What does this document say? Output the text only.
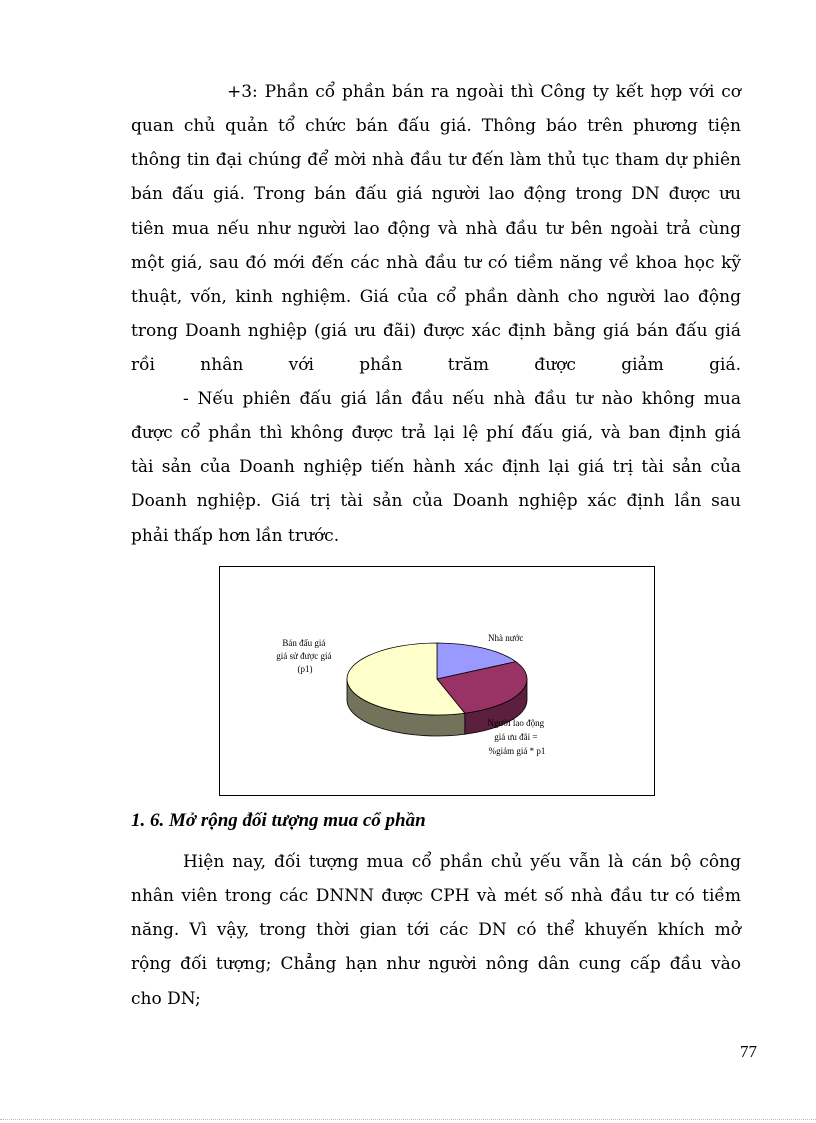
+3: Phần cổ phần bán ra ngoài thì Công ty kết hợp với cơ
quan chủ quản tổ chức bán đấu giá. Thông báo trên phương tiện
thông tin đại chúng để mời nhà đầu tư đến làm thủ tục tham dự phiên
bán đấu giá. Trong bán đấu giá người lao động trong DN được ưu
tiên mua nếu như người lao động và nhà đầu tư bên ngoài trả cùng
một giá, sau đó mới đến các nhà đầu tư có tiềm năng về khoa học kỹ
thuật, vốn, kinh nghiệm. Giá của cổ phần dành cho người lao động
trong Doanh nghiệp (giá ưu đãi) được xác định bằng giá bán đấu giá
rồi nhân với phần trăm được giảm giá.
- Nếu phiên đấu giá lần đầu nếu nhà đầu tư nào không mua
được cổ phần thì không được trả lại lệ phí đấu giá, và ban định giá
tài sản của Doanh nghiệp tiến hành xác định lại giá trị tài sản của
Doanh nghiệp. Giá trị tài sản của Doanh nghiệp xác định lần sau
phải thấp hơn lần trước.
Nhà nước
Người lao động giá ưu đãi = %giảm giá * p1
Bán đấu giá giá sử được giá (p1)
1. 6. Mở rộng đối tượng mua cổ phần
Hiện nay, đối tượng mua cổ phần chủ yếu vẫn là cán bộ công
nhân viên trong các DNNN được CPH và mét số nhà đầu tư có tiềm
năng. Vì vậy, trong thời gian tới các DN có thể khuyến khích mở
rộng đối tượng; Chẳng hạn như người nông dân cung cấp đầu vào
cho DN;
77
